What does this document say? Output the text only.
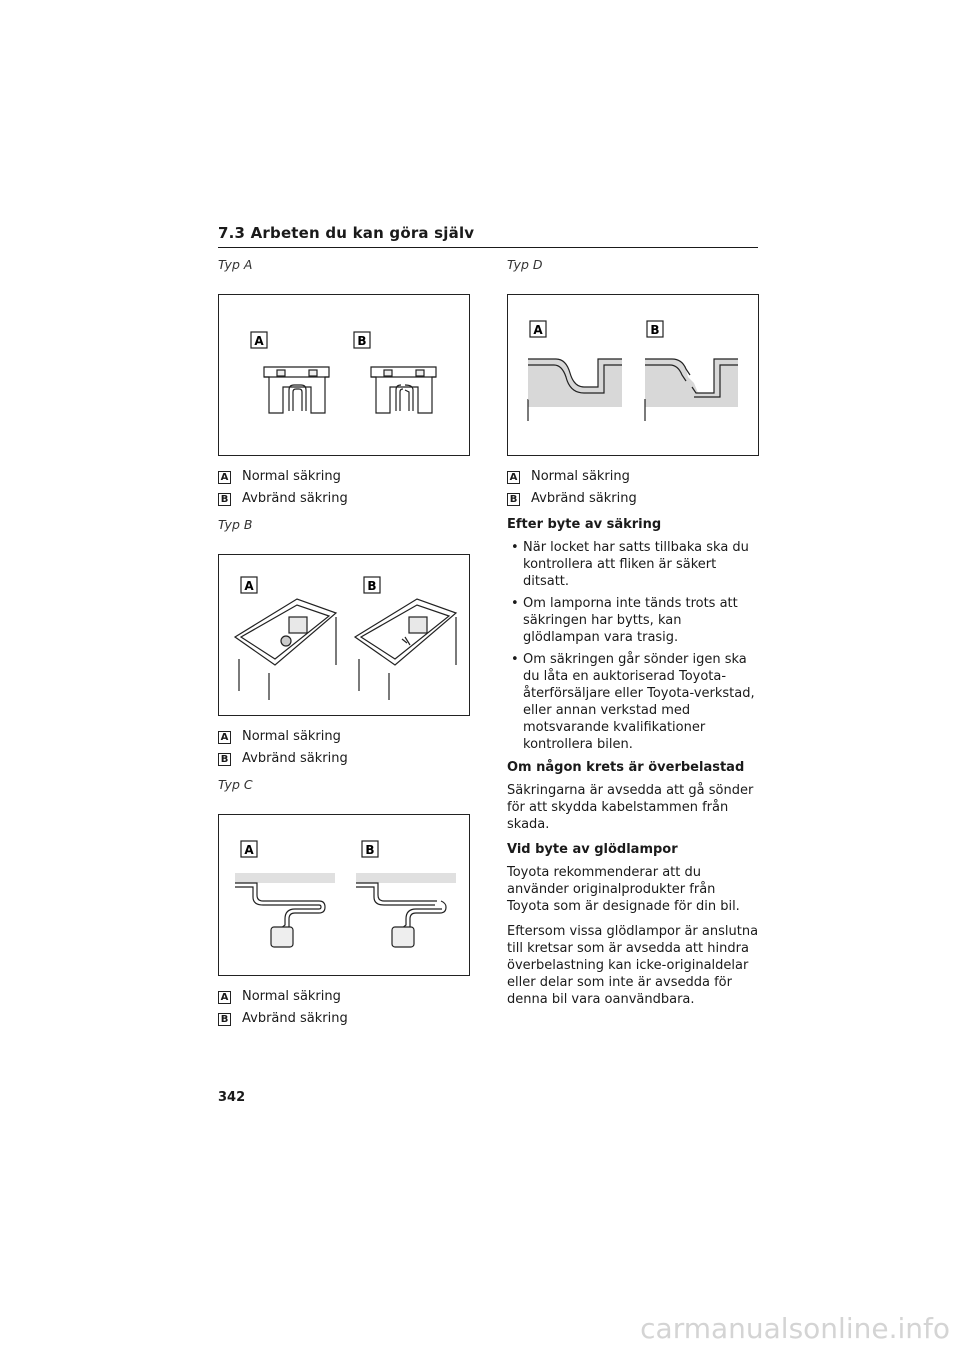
7.3 Arbeten du kan göra själv
Typ A
A	B
A Normal säkring
B Avbränd säkring
Typ B
A	B
A Normal säkring
B Avbränd säkring
Typ C
A	B
A Normal säkring
B Avbränd säkring
Typ D
A	B
A Normal säkring
B Avbränd säkring
Efter byte av säkring
• När locket har satts tillbaka ska du kontrollera att fliken är säkert ditsatt.
• Om lamporna inte tänds trots att säkringen har bytts, kan glödlampan vara trasig.
• Om säkringen går sönder igen ska du låta en auktoriserad Toyota-återförsäljare eller Toyota-verkstad, eller annan verkstad med motsvarande kvalifikationer kontrollera bilen.
Om någon krets är överbelastad

Säkringarna är avsedda att gå sönder för att skydda kabelstammen från skada.

Vid byte av glödlampor

Toyota rekommenderar att du använder originalprodukter från Toyota som är designade för din bil.

Eftersom vissa glödlampor är anslutna till kretsar som är avsedda att hindra överbelastning kan icke-originaldelar eller delar som inte är avsedda för denna bil vara oanvändbara.

342
carmanualsonline.info
